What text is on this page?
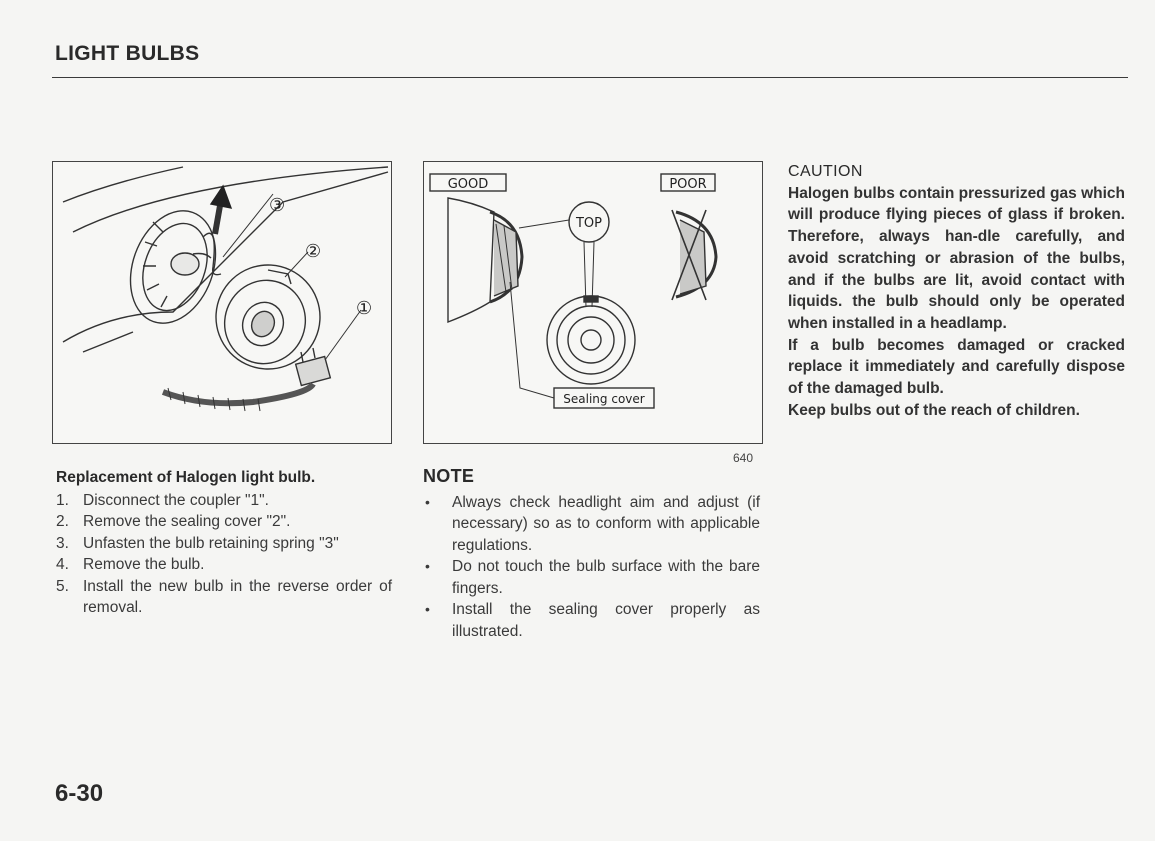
LIGHT BULBS
③
②
①
GOOD	POOR
TOP
Sealing cover
640
Replacement of Halogen light bulb.
1. Disconnect the coupler "1".
2. Remove the sealing cover "2".
3. Unfasten the bulb retaining spring "3"
4. Remove the bulb.
5. Install the new bulb in the reverse order of removal.
NOTE
•	Always check headlight aim and adjust (if necessary) so as to conform with applicable regulations.
•	Do not touch the bulb surface with the bare fingers.
•	Install the sealing cover properly as illustrated.
CAUTION

Halogen bulbs contain pressurized gas which will produce flying pieces of glass if broken. Therefore, always han-dle carefully, and avoid scratching or abrasion of the bulbs, and if the bulbs are lit, avoid contact with liquids. the bulb should only be operated when installed in a headlamp.

If a bulb becomes damaged or cracked replace it immediately and carefully dispose of the damaged bulb.

Keep bulbs out of the reach of children.

6-30
